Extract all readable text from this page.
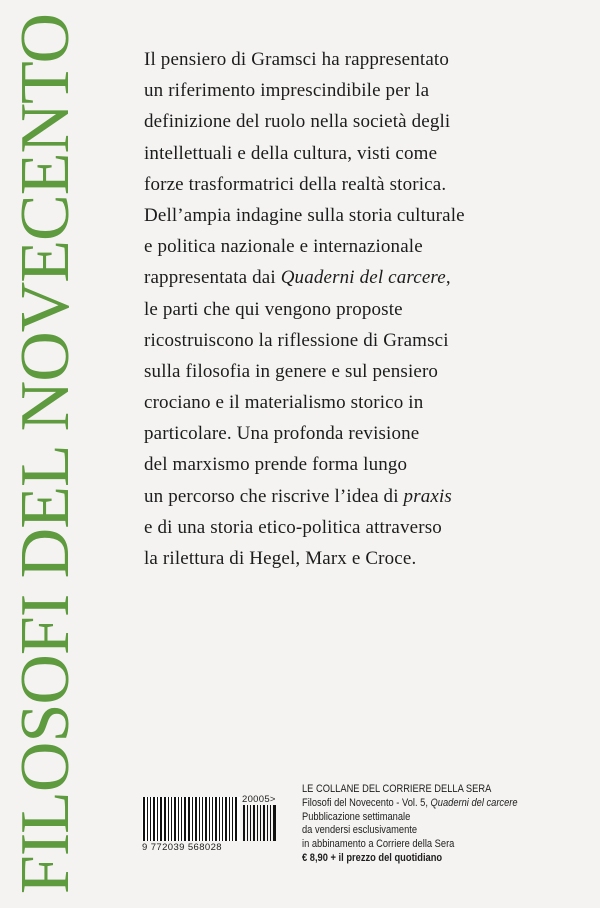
FILOSOFI DEL NOVECENTO	Il pensiero di Gramsci ha rappresentato
un riferimento imprescindibile per la
definizione del ruolo nella società degli
intellettuali e della cultura, visti come
forze trasformatrici della realtà storica.
Dell’ampia indagine sulla storia culturale
e politica nazionale e internazionale
rappresentata dai Quaderni del carcere,
le parti che qui vengono proposte
ricostruiscono la riflessione di Gramsci
sulla filosofia in genere e sul pensiero
crociano e il materialismo storico in
particolare. Una profonda revisione
del marxismo prende forma lungo
un percorso che riscrive l’idea di praxis
e di una storia etico-politica attraverso
la rilettura di Hegel, Marx e Croce.
20005>
9 772039 568028
LE COLLANE DEL CORRIERE DELLA SERA
Filosofi del Novecento - Vol. 5, Quaderni del carcere
Pubblicazione settimanale
da vendersi esclusivamente
in abbinamento a Corriere della Sera
€ 8,90 + il prezzo del quotidiano
